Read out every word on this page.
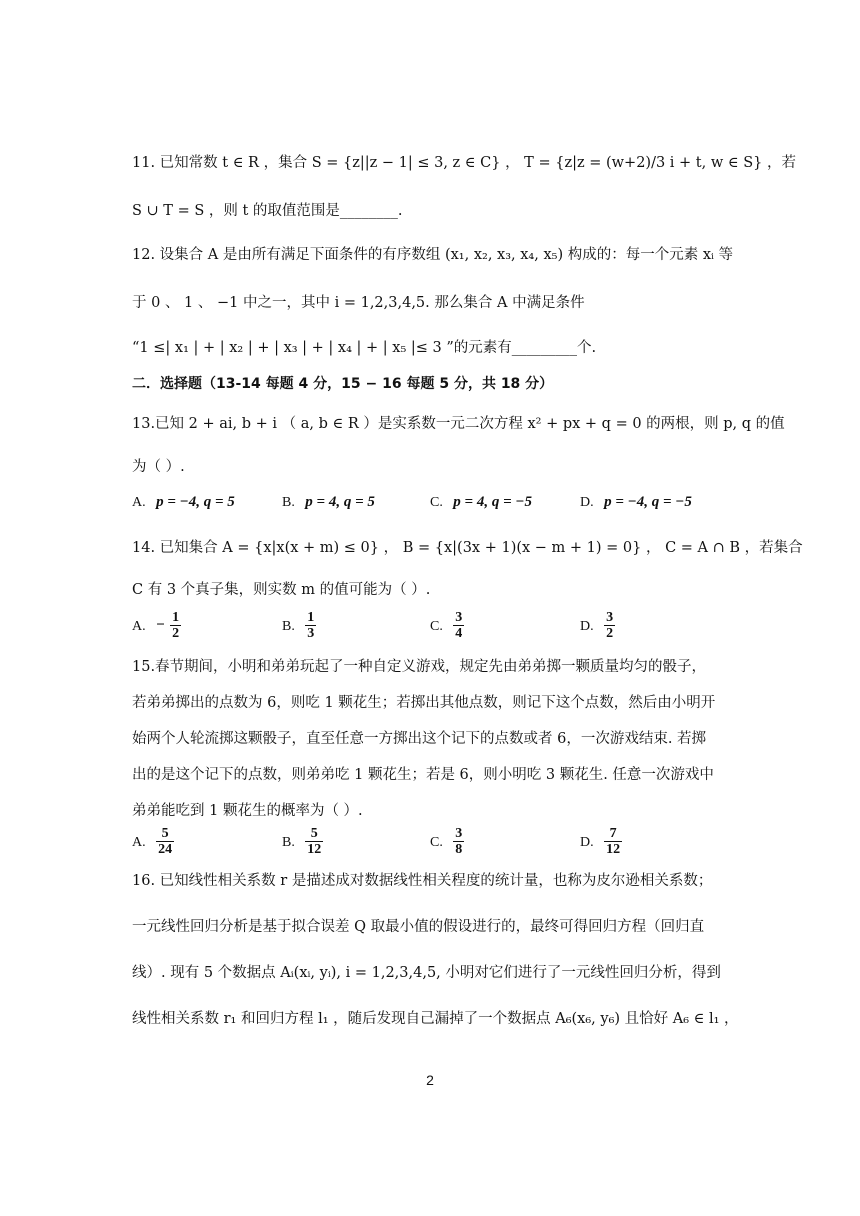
11. 已知常数 t ∈ R ，集合 S = {z||z − 1| ≤ 3, z ∈ C} ， T = {z|z = (w+2)/3 i + t, w ∈ S} ，若
S ∪ T = S ，则 t 的取值范围是________.
12. 设集合 A 是由所有满足下面条件的有序数组 (x₁, x₂, x₃, x₄, x₅) 构成的：每一个元素 xᵢ 等
于 0 、 1 、 −1 中之一，其中 i = 1,2,3,4,5. 那么集合 A 中满足条件
“1 ≤| x₁ | + | x₂ | + | x₃ | + | x₄ | + | x₅ |≤ 3 ”的元素有_________个.
二．选择题（13-14 每题 4 分，15 − 16 每题 5 分，共 18 分）
13.已知 2 + ai, b + i （ a, b ∈ R ）是实系数一元二次方程 x² + px + q = 0 的两根，则 p, q 的值
为（ ）.
A. p = −4, q = 5	B. p = 4, q = 5	C. p = 4, q = −5	D. p = −4, q = −5
14. 已知集合 A = {x|x(x + m) ≤ 0} ， B = {x|(3x + 1)(x − m + 1) = 0} ， C = A ∩ B ，若集合
C 有 3 个真子集，则实数 m 的值可能为（ ）.
A. − $\frac{1}{2}$	B. $\frac{1}{3}$	C. $\frac{3}{4}$	D. $\frac{3}{2}$
15.春节期间，小明和弟弟玩起了一种自定义游戏，规定先由弟弟掷一颗质量均匀的骰子，
若弟弟掷出的点数为 6，则吃 1 颗花生；若掷出其他点数，则记下这个点数，然后由小明开
始两个人轮流掷这颗骰子，直至任意一方掷出这个记下的点数或者 6，一次游戏结束. 若掷
出的是这个记下的点数，则弟弟吃 1 颗花生；若是 6，则小明吃 3 颗花生. 任意一次游戏中
弟弟能吃到 1 颗花生的概率为（ ）.
A. $\frac{5}{24}$	B. $\frac{5}{12}$	C. $\frac{3}{8}$	D. $\frac{7}{12}$
16. 已知线性相关系数 r 是描述成对数据线性相关程度的统计量，也称为皮尔逊相关系数；
一元线性回归分析是基于拟合误差 Q 取最小值的假设进行的，最终可得回归方程（回归直
线）. 现有 5 个数据点 Aᵢ(xᵢ, yᵢ), i = 1,2,3,4,5, 小明对它们进行了一元线性回归分析，得到
线性相关系数 r₁ 和回归方程 l₁ ，随后发现自己漏掉了一个数据点 A₆(x₆, y₆) 且恰好 A₆ ∈ l₁ ，
2
